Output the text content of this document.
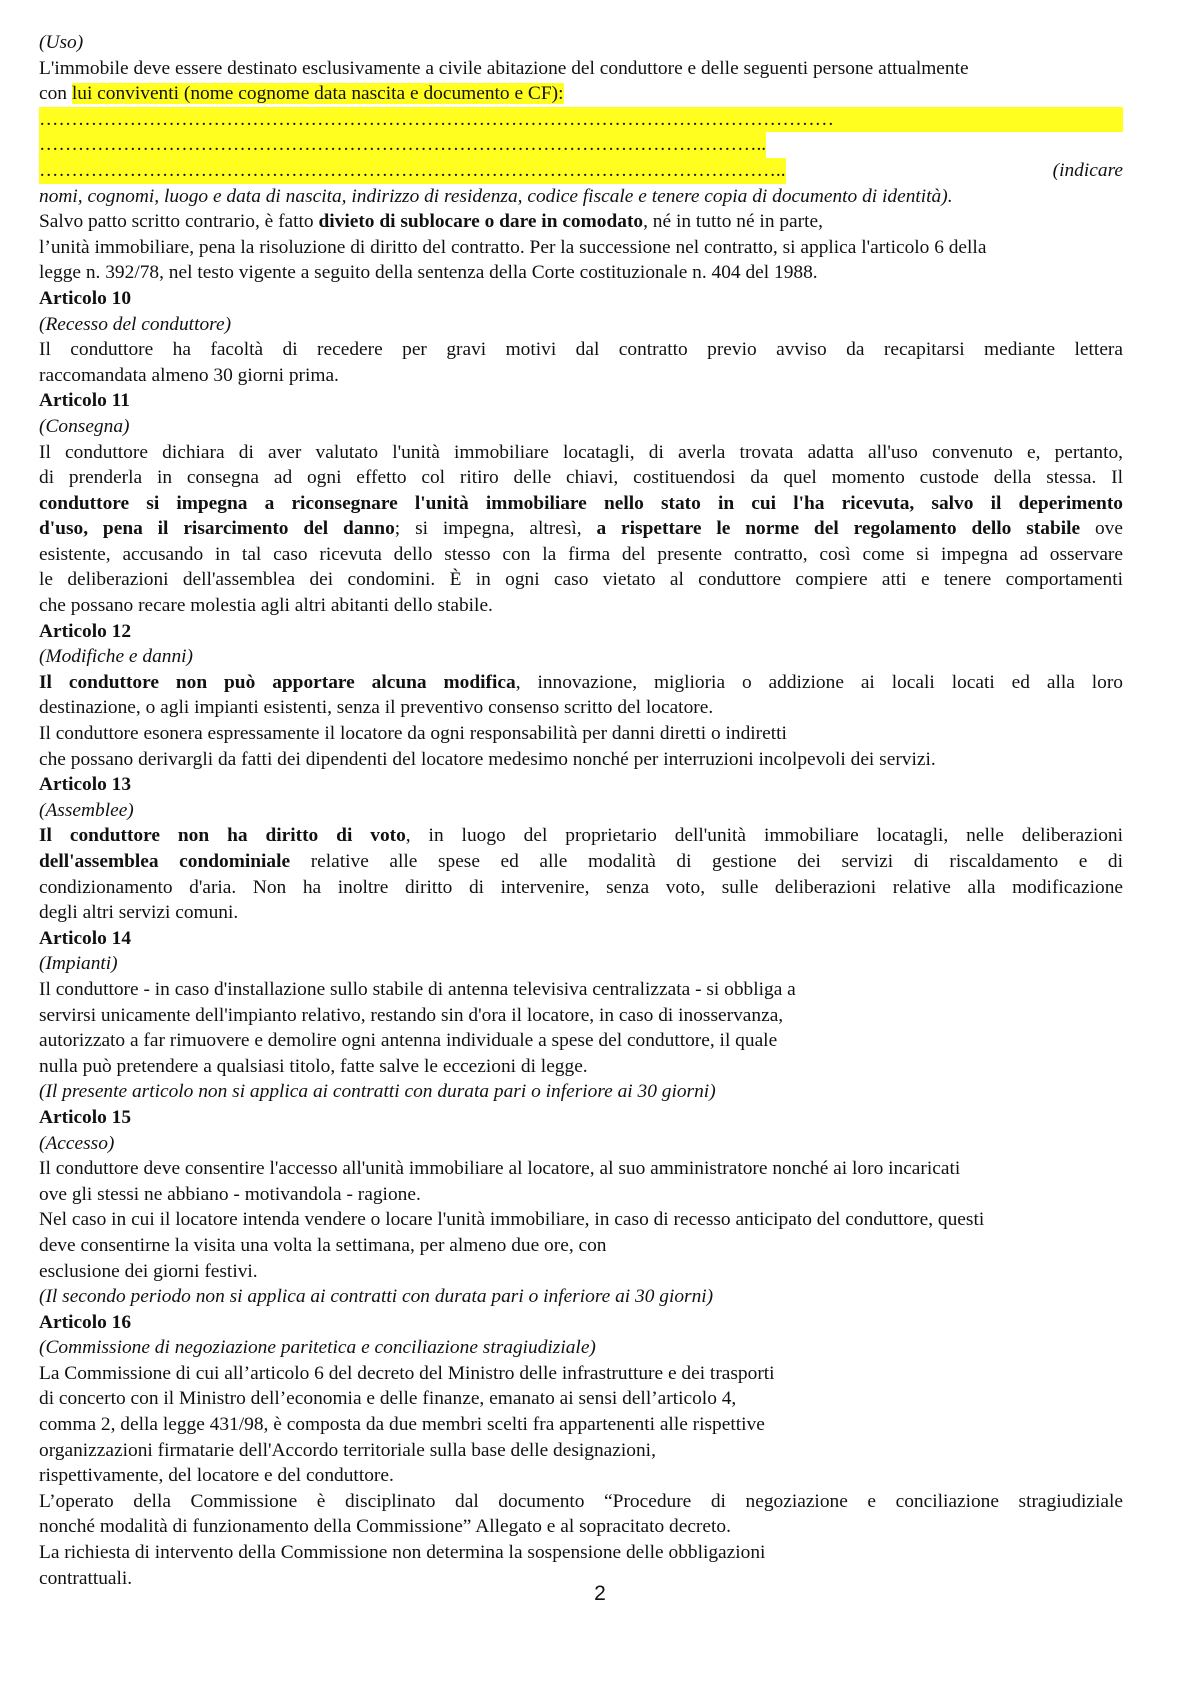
(Uso)
L'immobile deve essere destinato esclusivamente a civile abitazione del conduttore e delle seguenti persone attualmente
con lui conviventi (nome cognome data nascita e documento e CF):
……………………………………………………………………………………………………………
…………………………………………………………………………………………………..
……………………………………………………………………………………………………..	(indicare
nomi, cognomi, luogo e data di nascita, indirizzo di residenza, codice fiscale e tenere copia di documento di identità).
Salvo patto scritto contrario, è fatto divieto di sublocare o dare in comodato, né in tutto né in parte,
l’unità immobiliare, pena la risoluzione di diritto del contratto. Per la successione nel contratto, si applica l'articolo 6 della
legge n. 392/78, nel testo vigente a seguito della sentenza della Corte costituzionale n. 404 del 1988.
Articolo 10
(Recesso del conduttore)
Il conduttore ha facoltà di recedere per gravi motivi dal contratto previo avviso da recapitarsi mediante lettera
raccomandata almeno 30 giorni prima.
Articolo 11
(Consegna)
Il conduttore dichiara di aver valutato l'unità immobiliare locatagli, di averla trovata adatta all'uso convenuto e, pertanto,
di prenderla in consegna ad ogni effetto col ritiro delle chiavi, costituendosi da quel momento custode della stessa. Il
conduttore si impegna a riconsegnare l'unità immobiliare nello stato in cui l'ha ricevuta, salvo il deperimento
d'uso, pena il risarcimento del danno; si impegna, altresì, a rispettare le norme del regolamento dello stabile ove
esistente, accusando in tal caso ricevuta dello stesso con la firma del presente contratto, così come si impegna ad osservare
le deliberazioni dell'assemblea dei condomini. È in ogni caso vietato al conduttore compiere atti e tenere comportamenti
che possano recare molestia agli altri abitanti dello stabile.
Articolo 12
(Modifiche e danni)
Il conduttore non può apportare alcuna modifica, innovazione, miglioria o addizione ai locali locati ed alla loro
destinazione, o agli impianti esistenti, senza il preventivo consenso scritto del locatore.
Il conduttore esonera espressamente il locatore da ogni responsabilità per danni diretti o indiretti
che possano derivargli da fatti dei dipendenti del locatore medesimo nonché per interruzioni incolpevoli dei servizi.
Articolo 13
(Assemblee)
Il conduttore non ha diritto di voto, in luogo del proprietario dell'unità immobiliare locatagli, nelle deliberazioni
dell'assemblea condominiale relative alle spese ed alle modalità di gestione dei servizi di riscaldamento e di
condizionamento d'aria. Non ha inoltre diritto di intervenire, senza voto, sulle deliberazioni relative alla modificazione
degli altri servizi comuni.
Articolo 14
(Impianti)
Il conduttore - in caso d'installazione sullo stabile di antenna televisiva centralizzata - si obbliga a
servirsi unicamente dell'impianto relativo, restando sin d'ora il locatore, in caso di inosservanza,
autorizzato a far rimuovere e demolire ogni antenna individuale a spese del conduttore, il quale
nulla può pretendere a qualsiasi titolo, fatte salve le eccezioni di legge.
(Il presente articolo non si applica ai contratti con durata pari o inferiore ai 30 giorni)
Articolo 15
(Accesso)
Il conduttore deve consentire l'accesso all'unità immobiliare al locatore, al suo amministratore nonché ai loro incaricati
ove gli stessi ne abbiano - motivandola - ragione.
Nel caso in cui il locatore intenda vendere o locare l'unità immobiliare, in caso di recesso anticipato del conduttore, questi
deve consentirne la visita una volta la settimana, per almeno due ore, con
esclusione dei giorni festivi.
(Il secondo periodo non si applica ai contratti con durata pari o inferiore ai 30 giorni)
Articolo 16
(Commissione di negoziazione paritetica e conciliazione stragiudiziale)
La Commissione di cui all’articolo 6 del decreto del Ministro delle infrastrutture e dei trasporti
di concerto con il Ministro dell’economia e delle finanze, emanato ai sensi dell’articolo 4,
comma 2, della legge 431/98, è composta da due membri scelti fra appartenenti alle rispettive
organizzazioni firmatarie dell'Accordo territoriale sulla base delle designazioni,
rispettivamente, del locatore e del conduttore.
L’operato della Commissione è disciplinato dal documento “Procedure di negoziazione e conciliazione stragiudiziale
nonché modalità di funzionamento della Commissione” Allegato e al sopracitato decreto.
La richiesta di intervento della Commissione non determina la sospensione delle obbligazioni
contrattuali.
2
